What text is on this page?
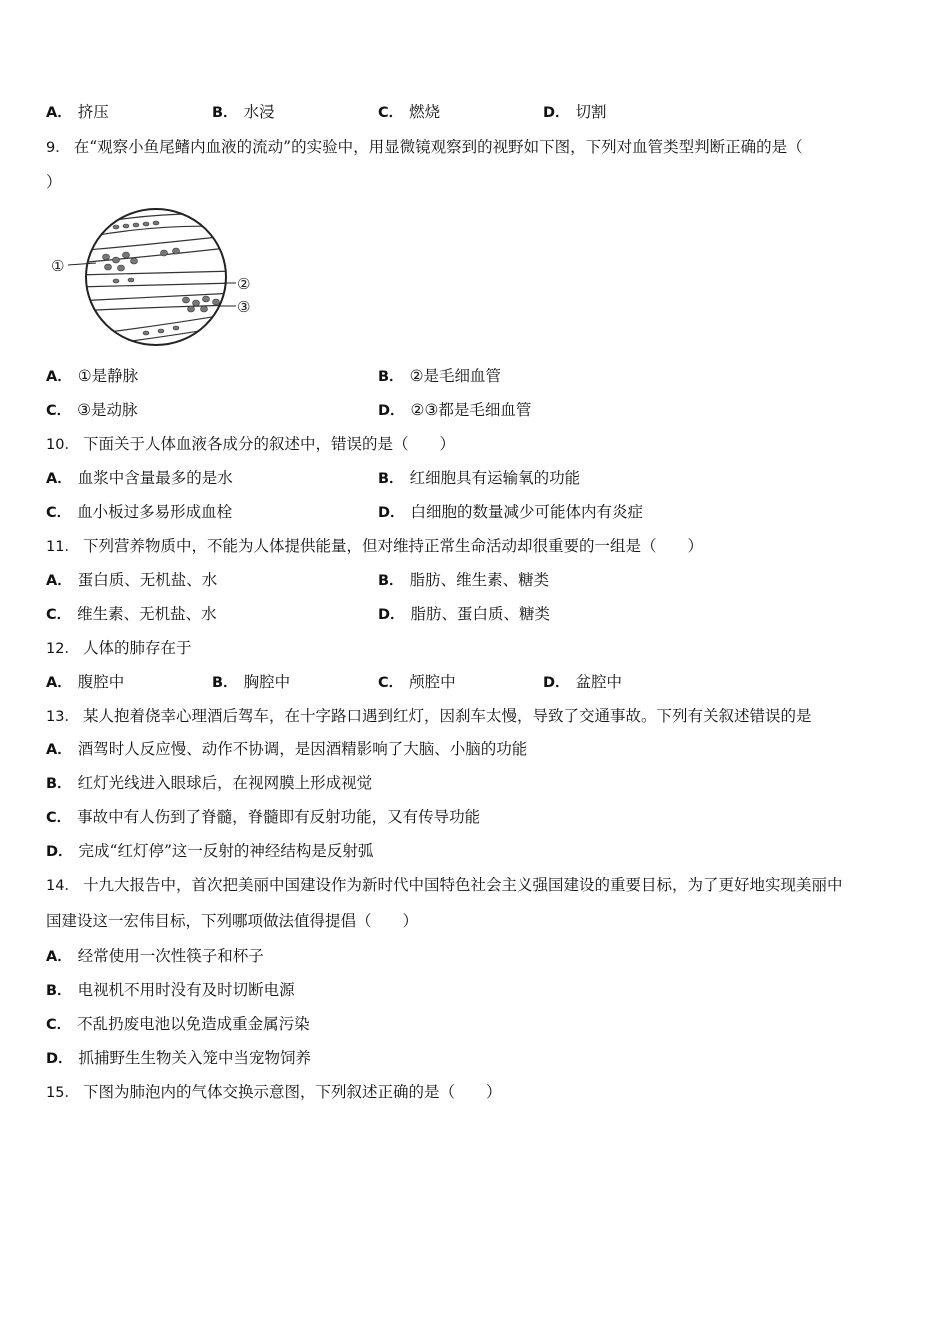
A． 挤压	B． 水浸	C． 燃烧	D． 切割
9． 在“观察小鱼尾鳍内血液的流动”的实验中，用显微镜观察到的视野如下图，下列对血管类型判断正确的是（
）
①
②
③
A． ①是静脉	B． ②是毛细血管
C． ③是动脉	D． ②③都是毛细血管
10． 下面关于人体血液各成分的叙述中，错误的是（　　）
A． 血浆中含量最多的是水	B． 红细胞具有运输氧的功能
C． 血小板过多易形成血栓	D． 白细胞的数量减少可能体内有炎症
11． 下列营养物质中，不能为人体提供能量，但对维持正常生命活动却很重要的一组是（　　）
A． 蛋白质、无机盐、水	B． 脂肪、维生素、糖类
C． 维生素、无机盐、水	D． 脂肪、蛋白质、糖类
12． 人体的肺存在于
A． 腹腔中	B． 胸腔中	C． 颅腔中	D． 盆腔中
13． 某人抱着侥幸心理酒后驾车，在十字路口遇到红灯，因刹车太慢，导致了交通事故。下列有关叙述错误的是
A． 酒驾时人反应慢、动作不协调，是因酒精影响了大脑、小脑的功能
B． 红灯光线进入眼球后，在视网膜上形成视觉
C． 事故中有人伤到了脊髓，脊髓即有反射功能，又有传导功能
D． 完成“红灯停”这一反射的神经结构是反射弧
14． 十九大报告中，首次把美丽中国建设作为新时代中国特色社会主义强国建设的重要目标，为了更好地实现美丽中
国建设这一宏伟目标，下列哪项做法值得提倡（　　）
A． 经常使用一次性筷子和杯子
B． 电视机不用时没有及时切断电源
C． 不乱扔废电池以免造成重金属污染
D． 抓捕野生生物关入笼中当宠物饲养
15． 下图为肺泡内的气体交换示意图，下列叙述正确的是（　　）
